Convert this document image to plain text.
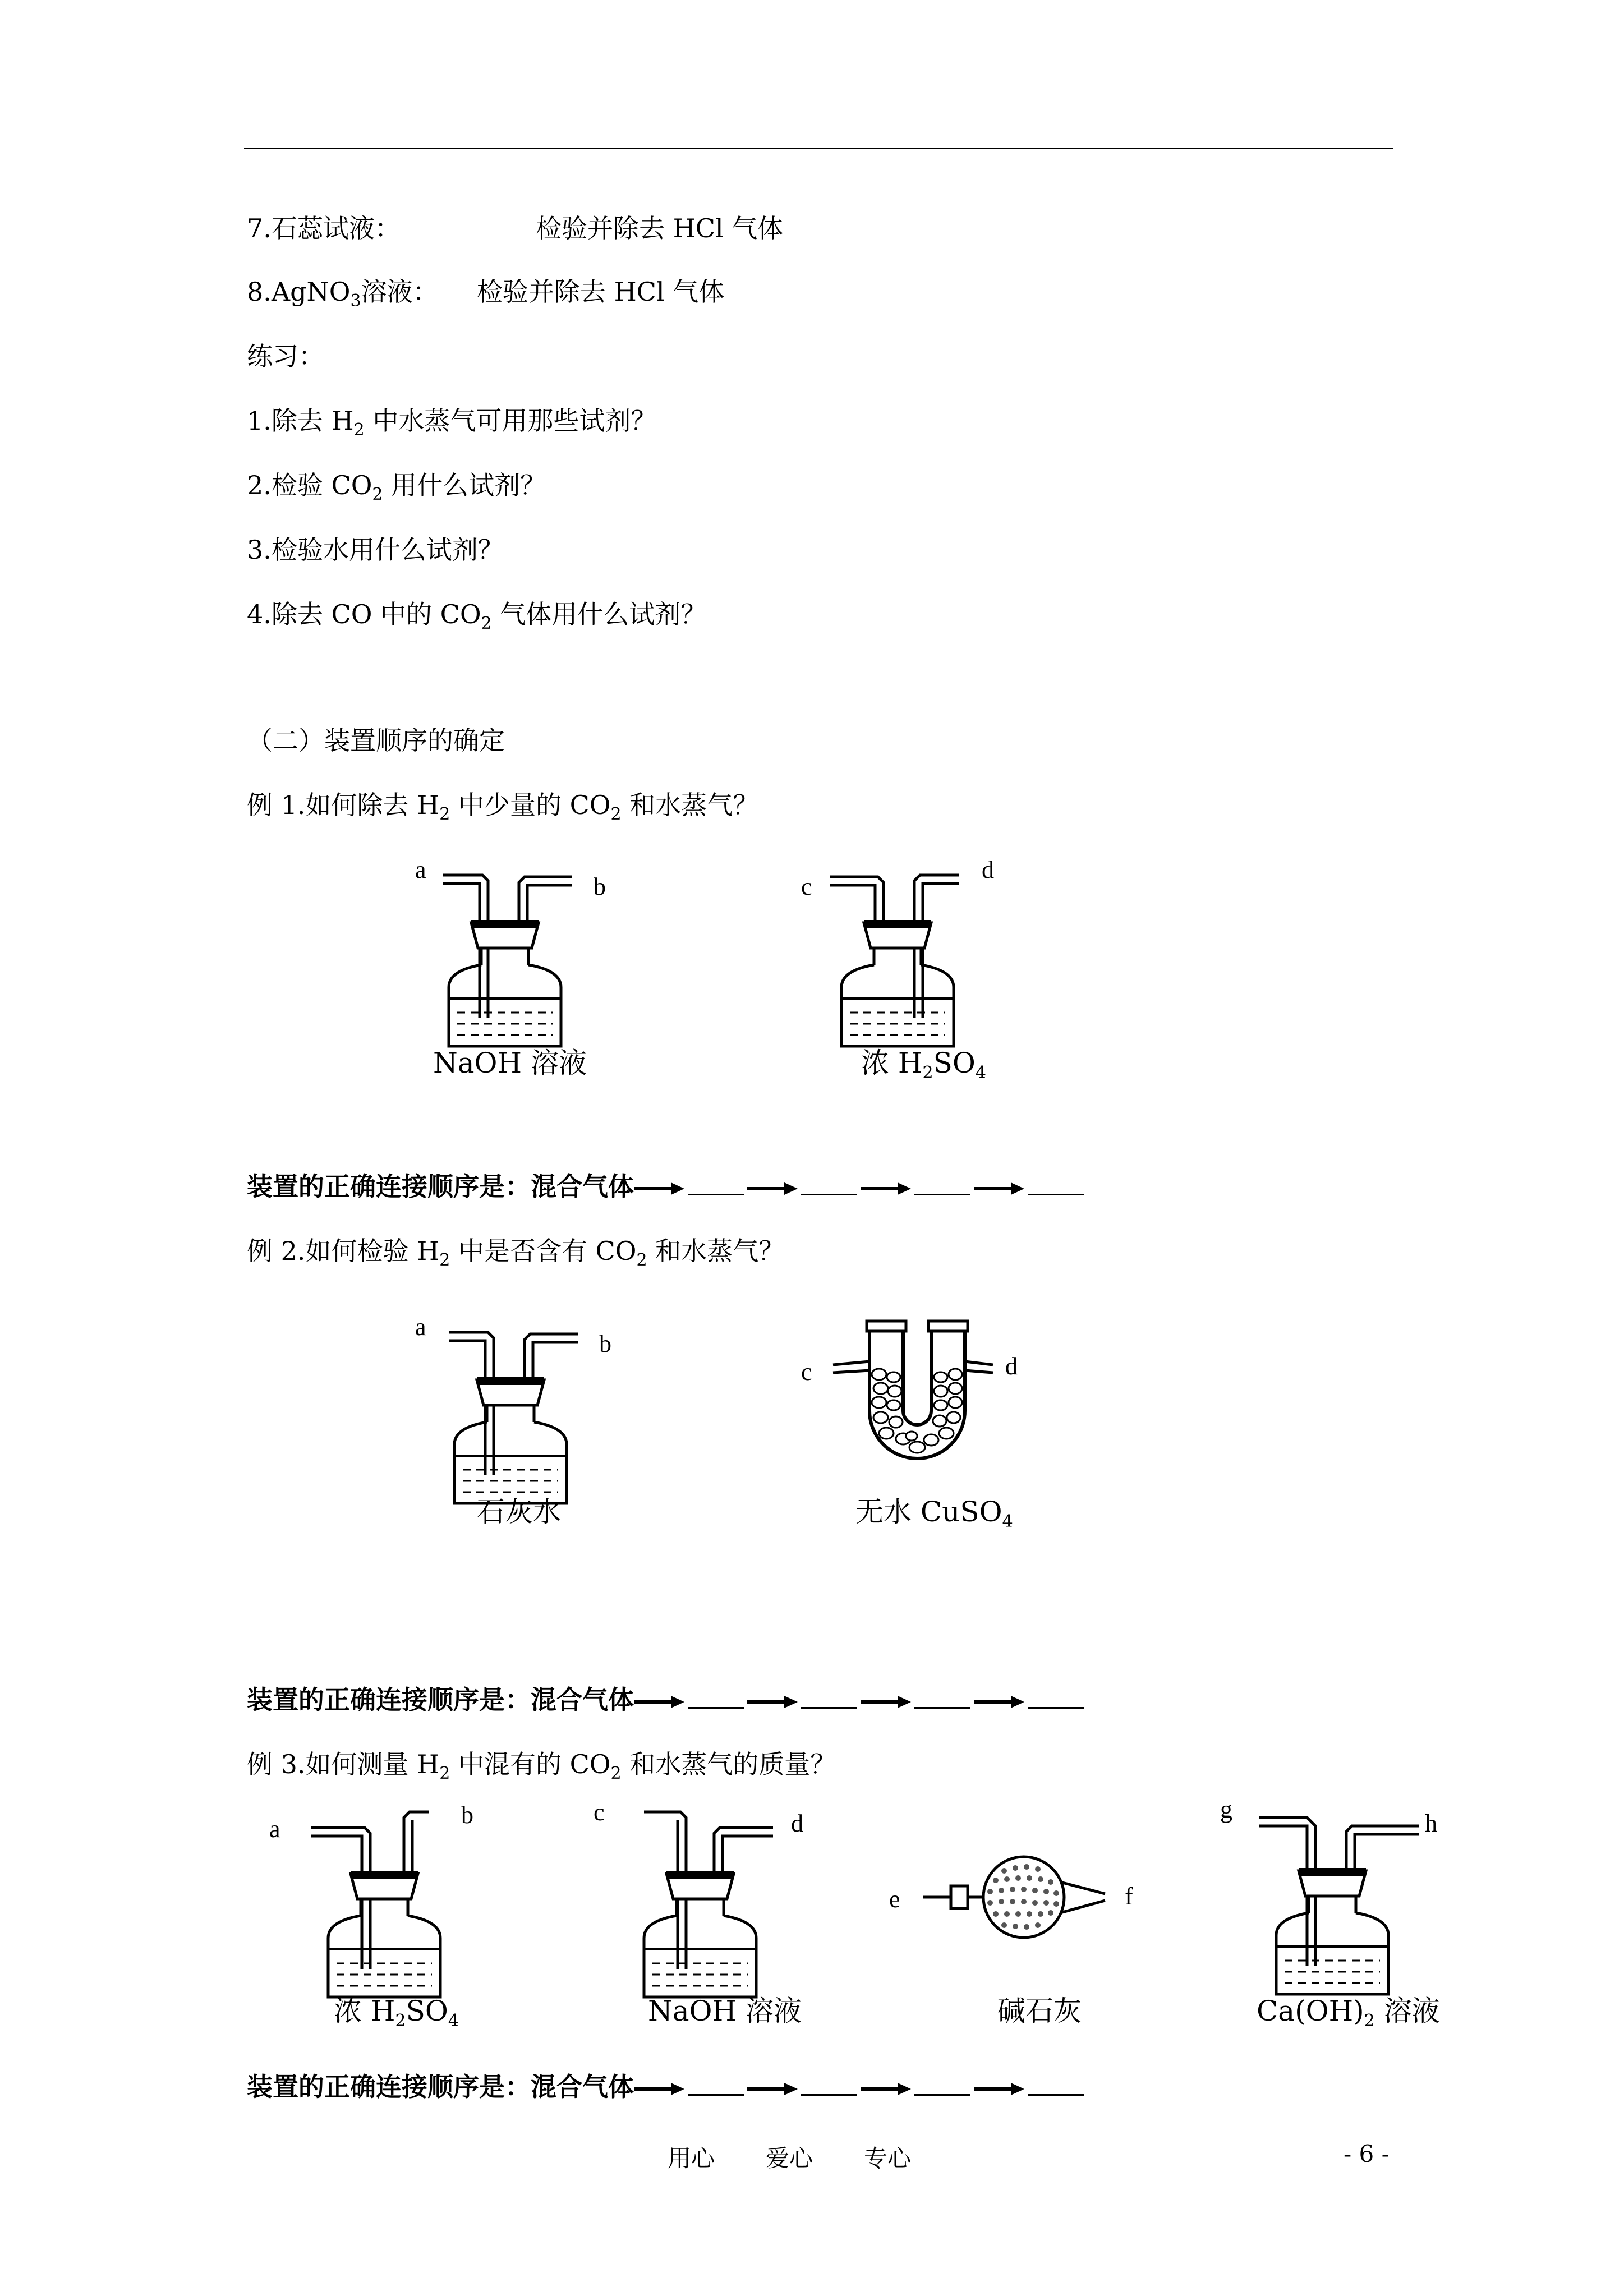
7.石蕊试液：	检验并除去 HCl 气体
8.AgNO$_3$溶液： 检验并除去 HCl 气体
练习：
1.除去 $H_2$ 中水蒸气可用那些试剂？
2.检验 $CO_2$ 用什么试剂？
3.检验水用什么试剂？
4.除去 CO 中的 $CO_2$ 气体用什么试剂？
（二）装置顺序的确定
例 1.如何除去 $H_2$ 中少量的 $CO_2$ 和水蒸气？
a
b
NaOH 溶液
c
d
浓 $H_2SO_4$
装置的正确连接顺序是：混合气体
例 2.如何检验 $H_2$ 中是否含有 $CO_2$ 和水蒸气？
a
b
石灰水
c	d
无水 CuSO$_4$
装置的正确连接顺序是：混合气体
例 3.如何测量 $H_2$ 中混有的 $CO_2$ 和水蒸气的质量？
a
b
浓 $H_2SO_4$
c	d
NaOH 溶液
e	f
碱石灰
g
h
$Ca(OH)_2$ 溶液
装置的正确连接顺序是：混合气体
用心 爱心 专心	- 6 -
